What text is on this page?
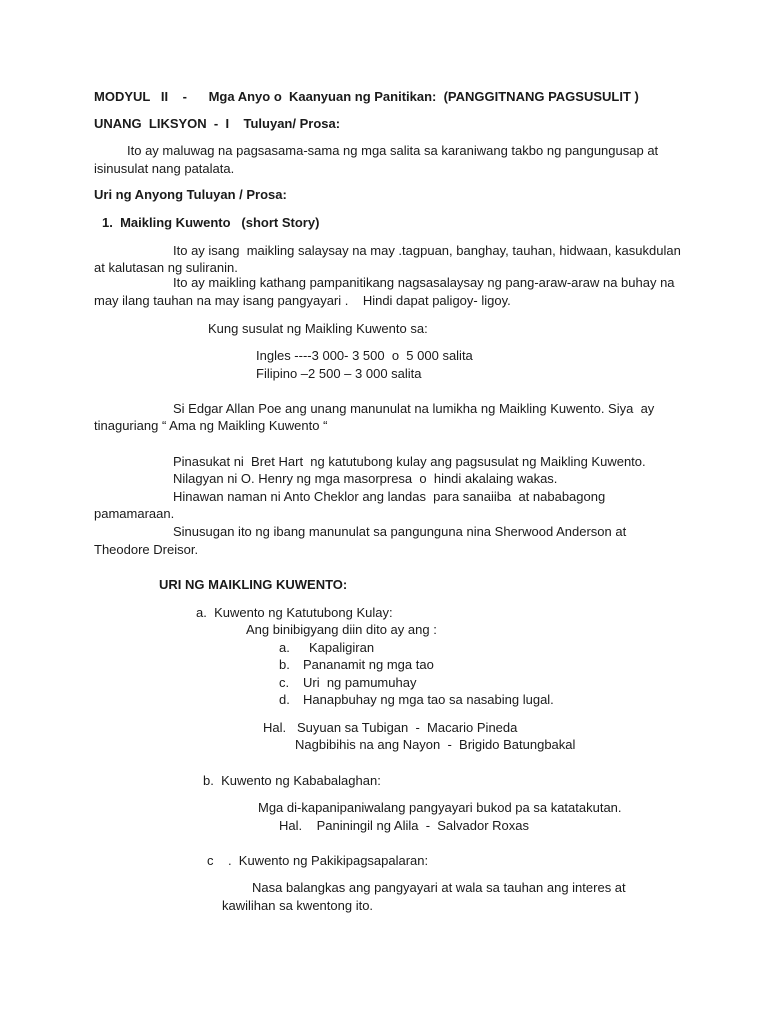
MODYUL   II    -      Mga Anyo o  Kaanyuan ng Panitikan:  (PANGGITNANG PAGSUSULIT )
UNANG  LIKSYON  -  I    Tuluyan/ Prosa:
Ito ay maluwag na pagsasama-sama ng mga salita sa karaniwang takbo ng pangungusap at
isinusulat nang patalata.
Uri ng Anyong Tuluyan / Prosa:
1.  Maikling Kuwento   (short Story)
Ito ay isang  maikling salaysay na may .tagpuan, banghay, tauhan, hidwaan, kasukdulan
at kalutasan ng suliranin.
Ito ay maikling kathang pampanitikang nagsasalaysay ng pang-araw-araw na buhay na
may ilang tauhan na may isang pangyayari .    Hindi dapat paligoy- ligoy.
Kung susulat ng Maikling Kuwento sa:
Ingles ----3 000- 3 500  o  5 000 salita
Filipino –2 500 – 3 000 salita
Si Edgar Allan Poe ang unang manunulat na lumikha ng Maikling Kuwento. Siya  ay
tinaguriang “ Ama ng Maikling Kuwento “
Pinasukat ni  Bret Hart  ng katutubong kulay ang pagsusulat ng Maikling Kuwento.
Nilagyan ni O. Henry ng mga masorpresa  o  hindi akalaing wakas.
Hinawan naman ni Anto Cheklor ang landas  para sanaiiba  at nababagong
pamamaraan.
Sinusugan ito ng ibang manunulat sa pangunguna nina Sherwood Anderson at
Theodore Dreisor.
URI NG MAIKLING KUWENTO:
a.  Kuwento ng Katutubong Kulay:
Ang binibigyang diin dito ay ang :
a. Kapaligiran
b. Pananamit ng mga tao
c. Uri  ng pamumuhay
d. Hanapbuhay ng mga tao sa nasabing lugal.
Hal.   Suyuan sa Tubigan  -  Macario Pineda
Nagbibihis na ang Nayon  -  Brigido Batungbakal
b.  Kuwento ng Kababalaghan:
Mga di-kapanipaniwalang pangyayari bukod pa sa katatakutan.
Hal.    Paniningil ng Alila  -  Salvador Roxas
c    .  Kuwento ng Pakikipagsapalaran:
Nasa balangkas ang pangyayari at wala sa tauhan ang interes at
kawilihan sa kwentong ito.
